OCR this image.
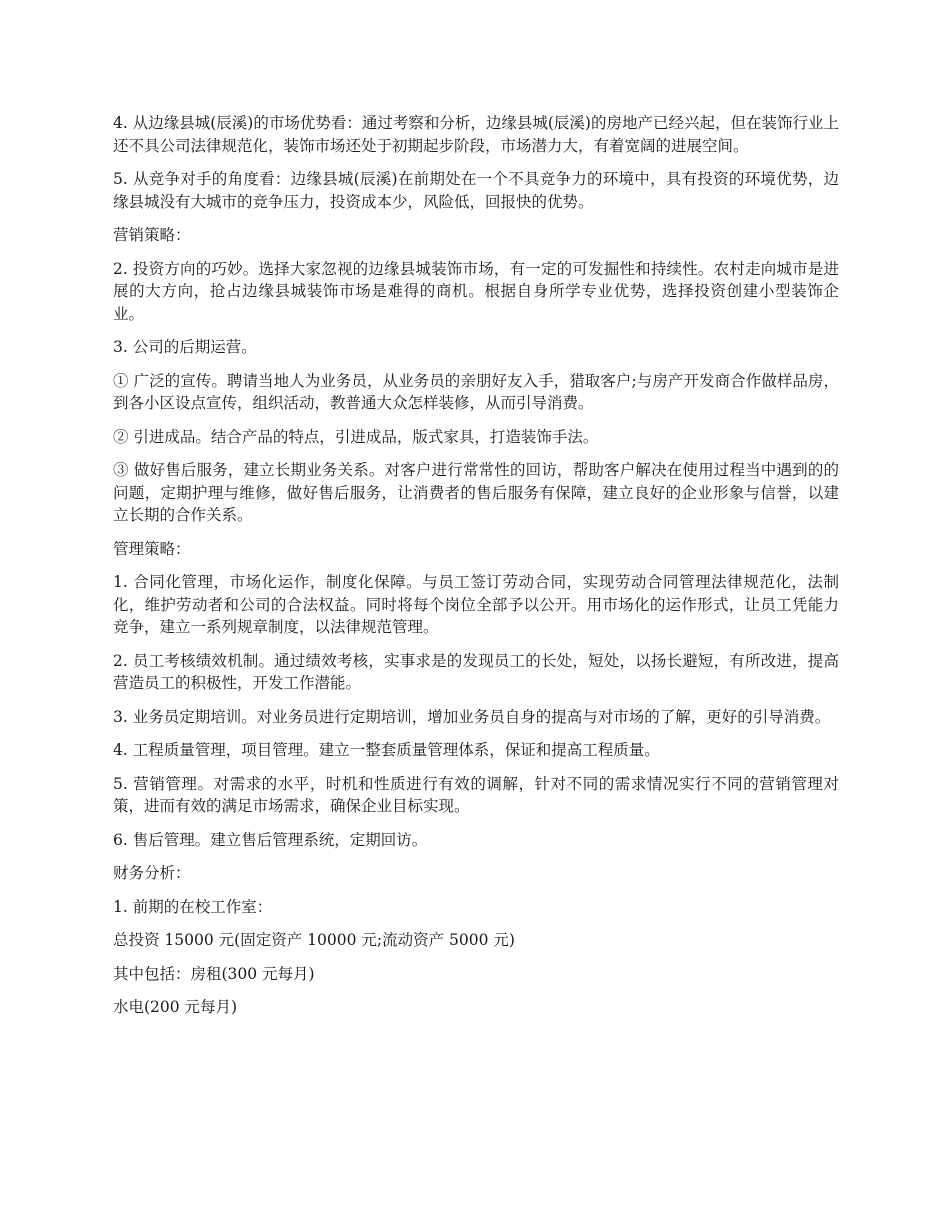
4. 从边缘县城(辰溪)的市场优势看：通过考察和分析，边缘县城(辰溪)的房地产已经兴起，但在装饰行业上还不具公司法律规范化，装饰市场还处于初期起步阶段，市场潜力大，有着宽阔的进展空间。

5. 从竞争对手的角度看：边缘县城(辰溪)在前期处在一个不具竞争力的环境中，具有投资的环境优势，边缘县城没有大城市的竞争压力，投资成本少，风险低，回报快的优势。

营销策略：

2. 投资方向的巧妙。选择大家忽视的边缘县城装饰市场，有一定的可发掘性和持续性。农村走向城市是进展的大方向，抢占边缘县城装饰市场是难得的商机。根据自身所学专业优势，选择投资创建小型装饰企业。

3. 公司的后期运营。

① 广泛的宣传。聘请当地人为业务员，从业务员的亲朋好友入手，猎取客户;与房产开发商合作做样品房，到各小区设点宣传，组织活动，教普通大众怎样装修，从而引导消费。

② 引进成品。结合产品的特点，引进成品，版式家具，打造装饰手法。

③ 做好售后服务，建立长期业务关系。对客户进行常常性的回访，帮助客户解决在使用过程当中遇到的的问题，定期护理与维修，做好售后服务，让消费者的售后服务有保障，建立良好的企业形象与信誉，以建立长期的合作关系。

管理策略：

1. 合同化管理，市场化运作，制度化保障。与员工签订劳动合同，实现劳动合同管理法律规范化，法制化，维护劳动者和公司的合法权益。同时将每个岗位全部予以公开。用市场化的运作形式，让员工凭能力竞争，建立一系列规章制度，以法律规范管理。

2. 员工考核绩效机制。通过绩效考核，实事求是的发现员工的长处，短处，以扬长避短，有所改进，提高营造员工的积极性，开发工作潜能。

3. 业务员定期培训。对业务员进行定期培训，增加业务员自身的提高与对市场的了解，更好的引导消费。

4. 工程质量管理，项目管理。建立一整套质量管理体系，保证和提高工程质量。

5. 营销管理。对需求的水平，时机和性质进行有效的调解，针对不同的需求情况实行不同的营销管理对策，进而有效的满足市场需求，确保企业目标实现。

6. 售后管理。建立售后管理系统，定期回访。

财务分析：

1. 前期的在校工作室：

总投资 15000 元(固定资产 10000 元;流动资产 5000 元)

其中包括：房租(300 元每月)

水电(200 元每月)
